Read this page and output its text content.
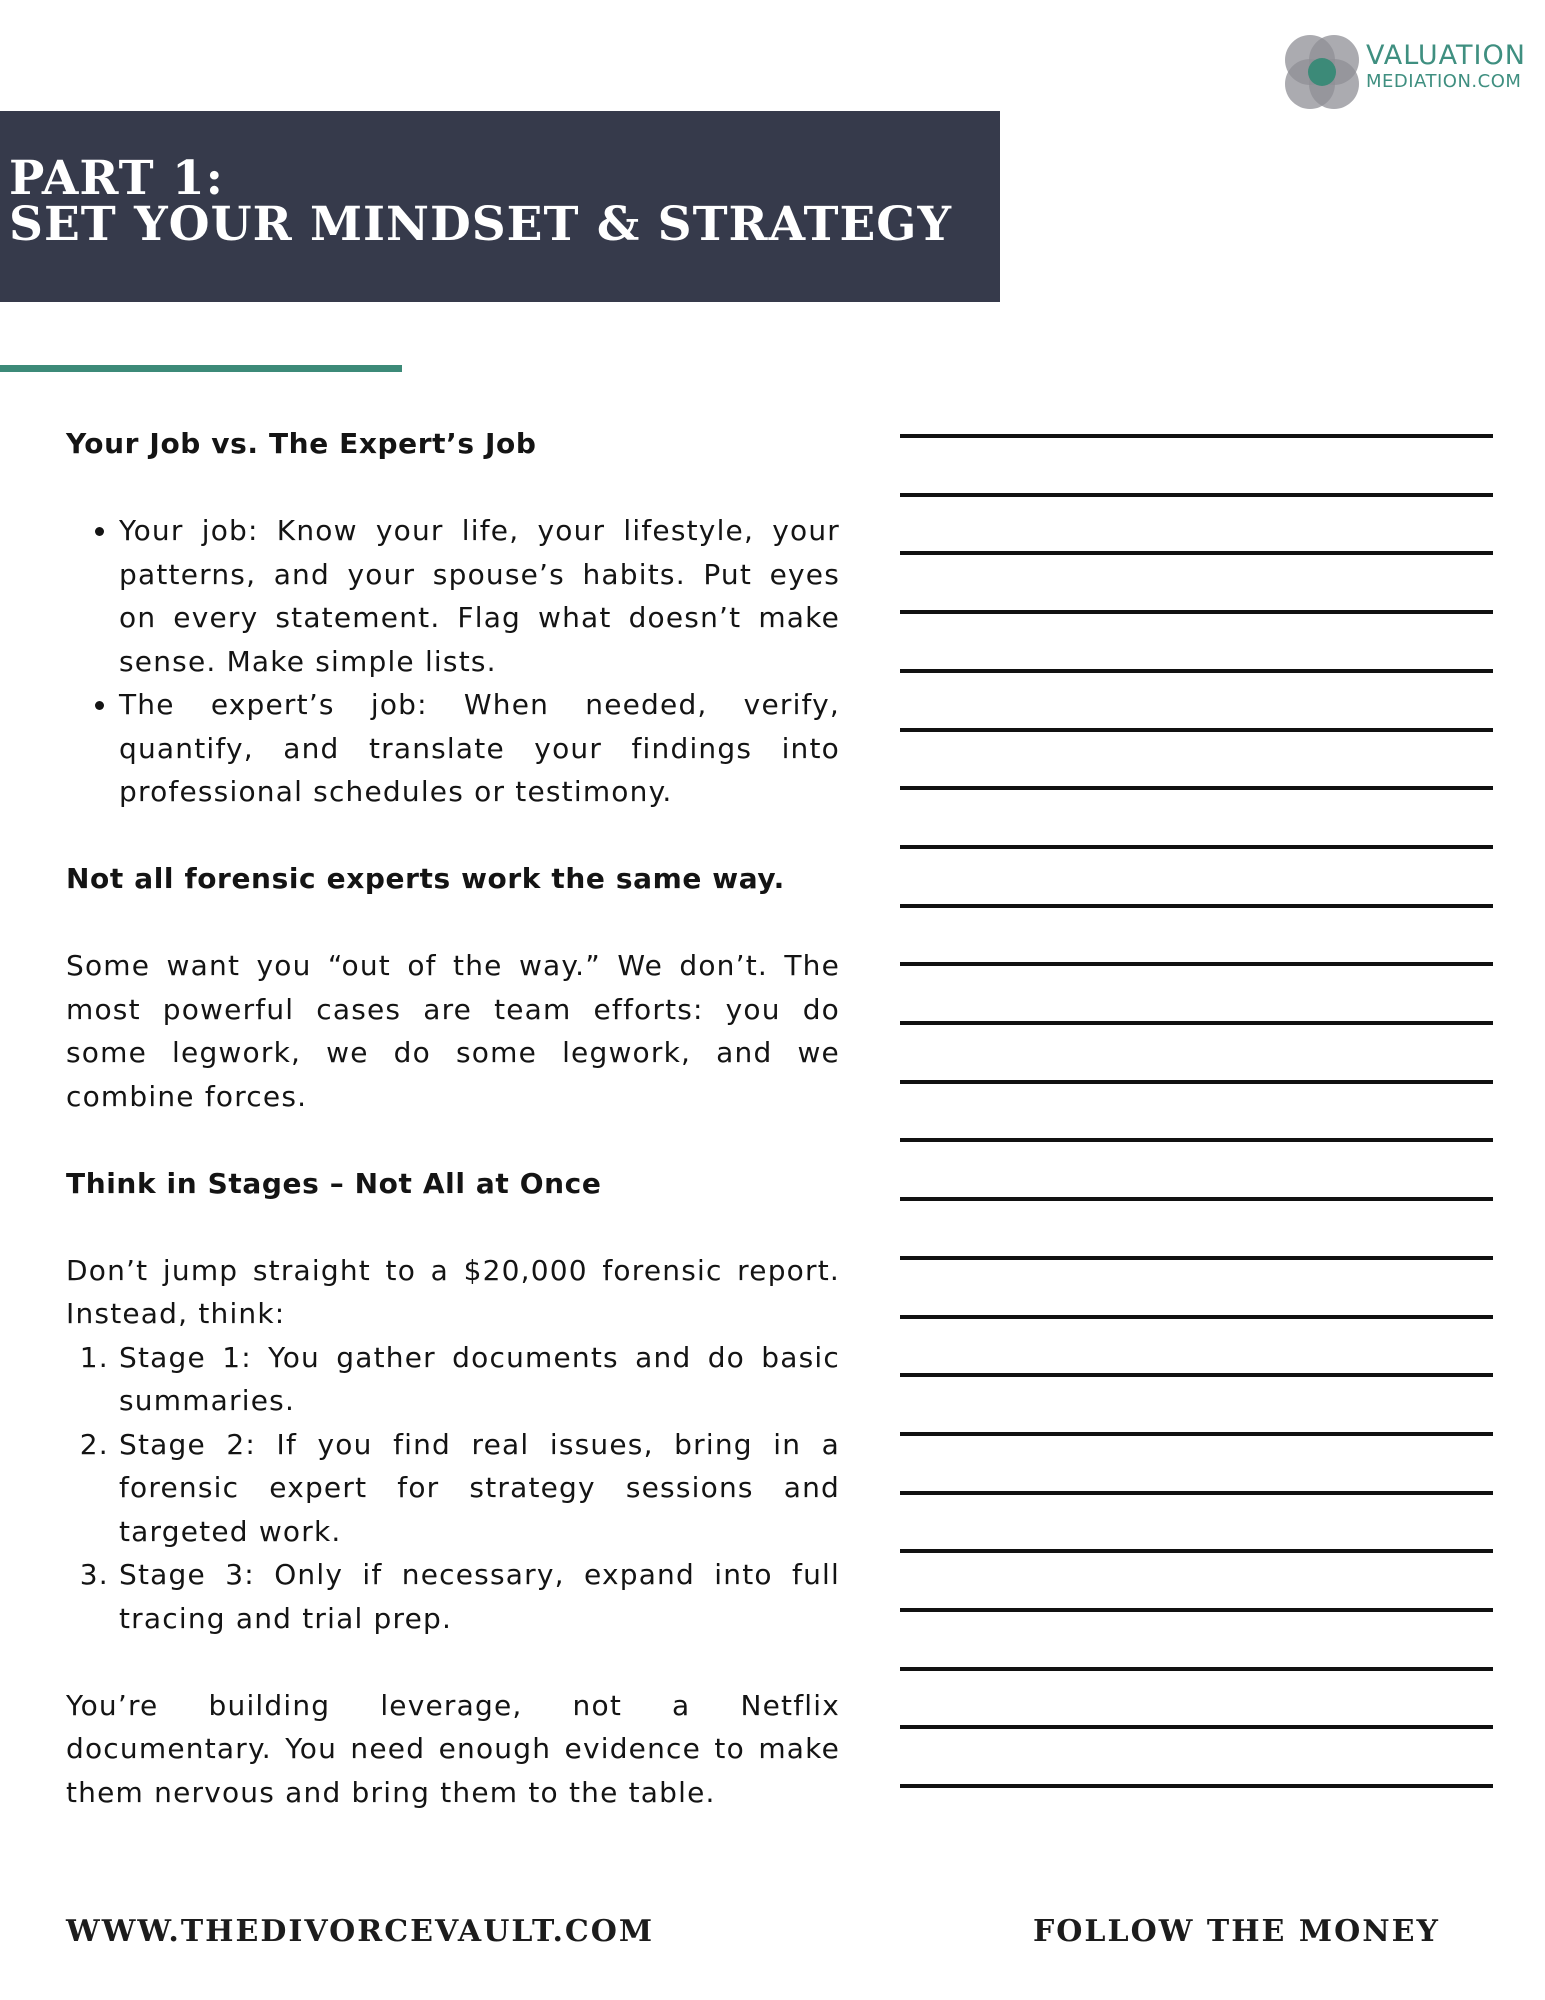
VALUATION
MEDIATION.COM
PART 1:
SET YOUR MINDSET & STRATEGY
Your Job vs. The Expert’s Job
• Your job: Know your life, your lifestyle, your patterns, and your spouse’s habits. Put eyes on every statement. Flag what doesn’t make sense. Make simple lists.
• The expert’s job: When needed, verify, quantify, and translate your findings into professional schedules or testimony.
Not all forensic experts work the same way.

Some want you “out of the way.” We don’t. The most powerful cases are team efforts: you do some legwork, we do some legwork, and we combine forces.

Think in Stages – Not All at Once

Don’t jump straight to a $20,000 forensic report. Instead, think:

1. Stage 1: You gather documents and do basic summaries.
2. Stage 2: If you find real issues, bring in a forensic expert for strategy sessions and targeted work.
3. Stage 3: Only if necessary, expand into full tracing and trial prep.

You’re building leverage, not a Netflix documentary. You need enough evidence to make them nervous and bring them to the table.

WWW.THEDIVORCEVAULT.COM	FOLLOW THE MONEY
